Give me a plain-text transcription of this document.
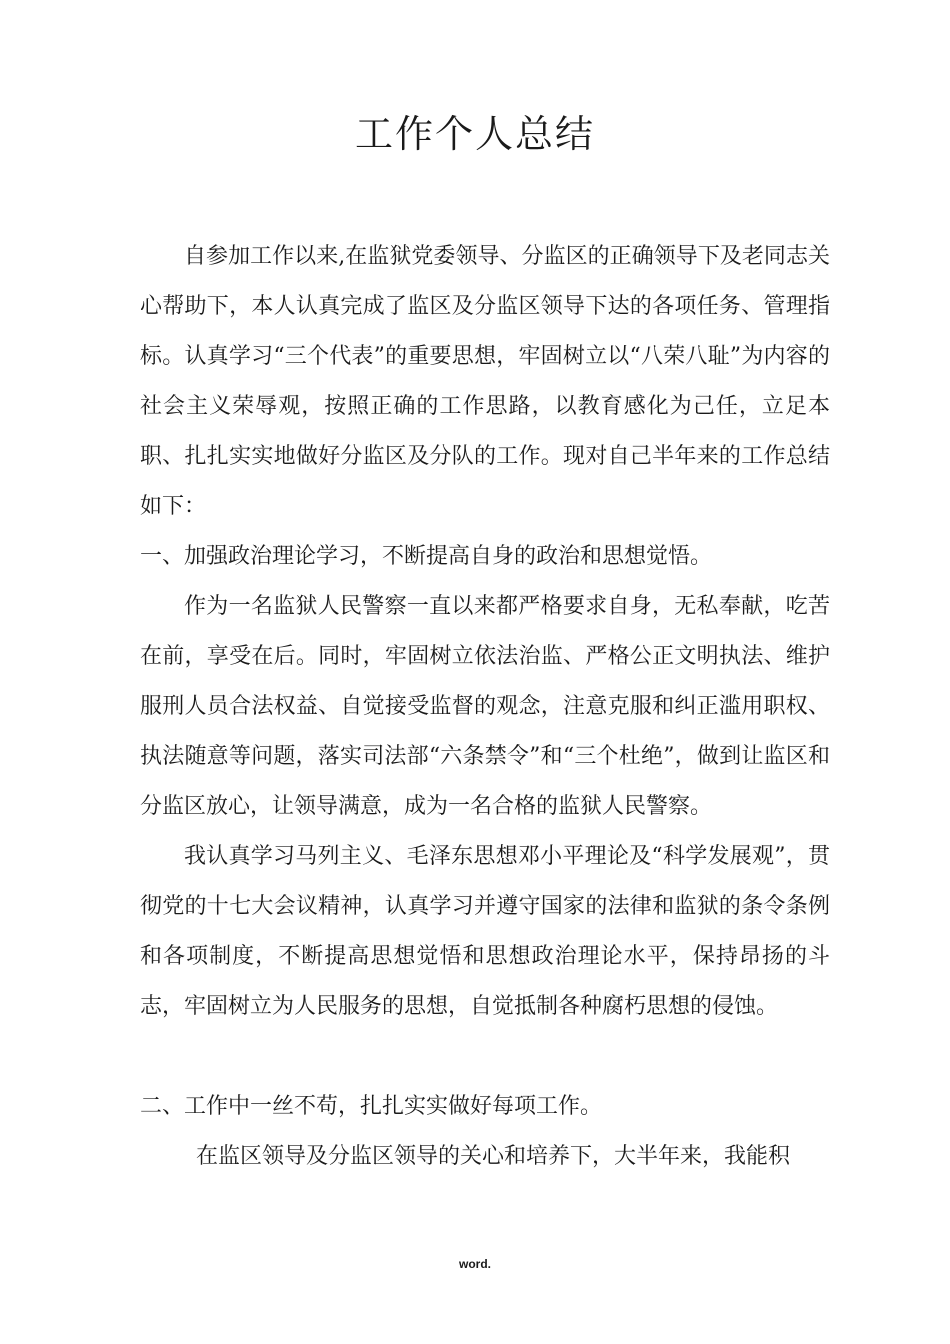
工作个人总结

自参加工作以来,在监狱党委领导、分监区的正确领导下及老同志关心帮助下，本人认真完成了监区及分监区领导下达的各项任务、管理指标。认真学习“三个代表”的重要思想，牢固树立以“八荣八耻”为内容的社会主义荣辱观，按照正确的工作思路，以教育感化为己任，立足本职、扎扎实实地做好分监区及分队的工作。现对自己半年来的工作总结如下：

一、加强政治理论学习，不断提高自身的政治和思想觉悟。

作为一名监狱人民警察一直以来都严格要求自身，无私奉献，吃苦在前，享受在后。同时，牢固树立依法治监、严格公正文明执法、维护服刑人员合法权益、自觉接受监督的观念，注意克服和纠正滥用职权、执法随意等问题，落实司法部“六条禁令”和“三个杜绝”，做到让监区和分监区放心，让领导满意，成为一名合格的监狱人民警察。

我认真学习马列主义、毛泽东思想邓小平理论及“科学发展观”，贯彻党的十七大会议精神，认真学习并遵守国家的法律和监狱的条令条例和各项制度，不断提高思想觉悟和思想政治理论水平，保持昂扬的斗志，牢固树立为人民服务的思想，自觉抵制各种腐朽思想的侵蚀。

二、工作中一丝不苟，扎扎实实做好每项工作。

在监区领导及分监区领导的关心和培养下，大半年来，我能积

word.
